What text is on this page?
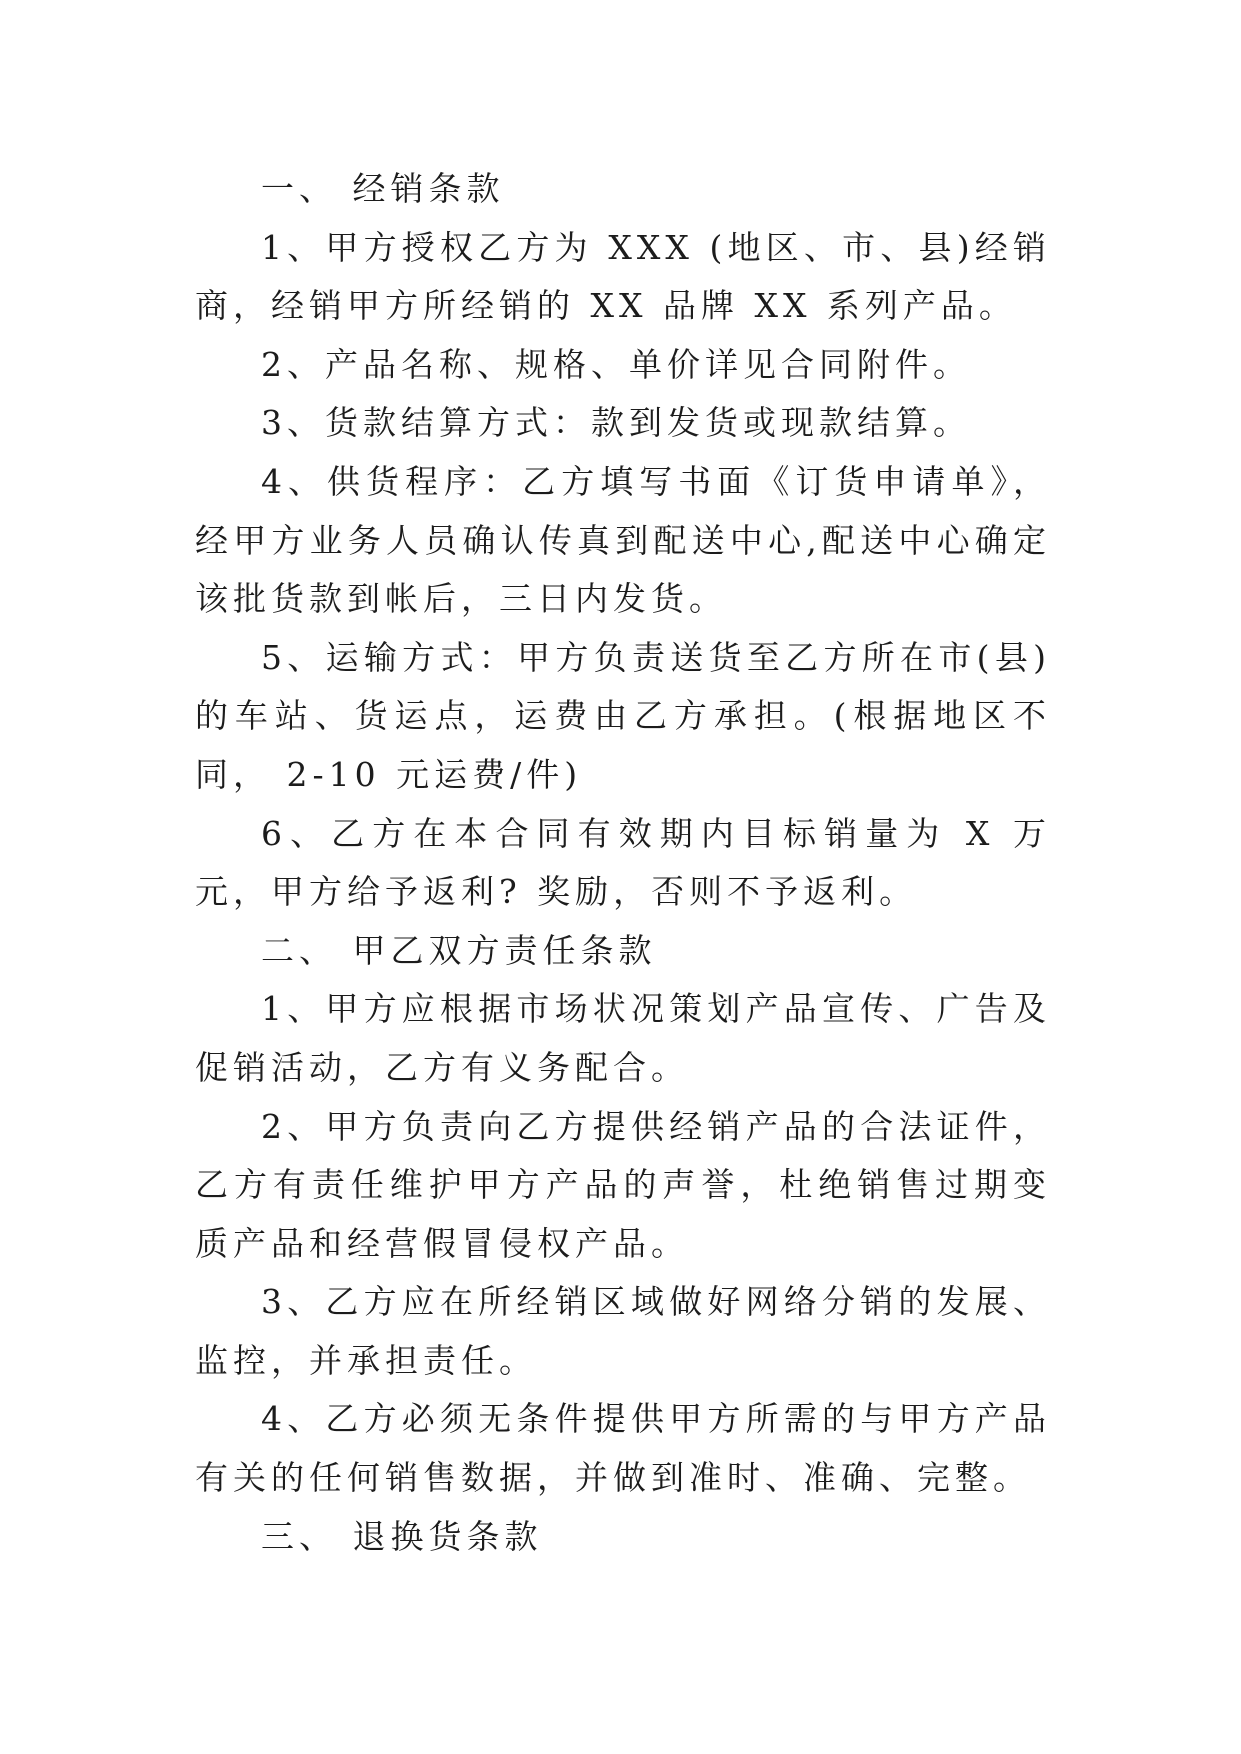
一、 经销条款

1、甲方授权乙方为 XXX (地区、市、县)经销商，经销甲方所经销的 XX 品牌 XX 系列产品。

2、产品名称、规格、单价详见合同附件。

3、货款结算方式：款到发货或现款结算。

4、供货程序：乙方填写书面《订货申请单》，经甲方业务人员确认传真到配送中心,配送中心确定该批货款到帐后，三日内发货。

5、运输方式：甲方负责送货至乙方所在市(县)的车站、货运点，运费由乙方承担。(根据地区不同， 2-10 元运费/件)

6、乙方在本合同有效期内目标销量为 X 万元，甲方给予返利? 奖励，否则不予返利。

二、 甲乙双方责任条款

1、甲方应根据市场状况策划产品宣传、广告及促销活动，乙方有义务配合。

2、甲方负责向乙方提供经销产品的合法证件，乙方有责任维护甲方产品的声誉，杜绝销售过期变质产品和经营假冒侵权产品。

3、乙方应在所经销区域做好网络分销的发展、监控，并承担责任。

4、乙方必须无条件提供甲方所需的与甲方产品有关的任何销售数据，并做到准时、准确、完整。

三、 退换货条款
